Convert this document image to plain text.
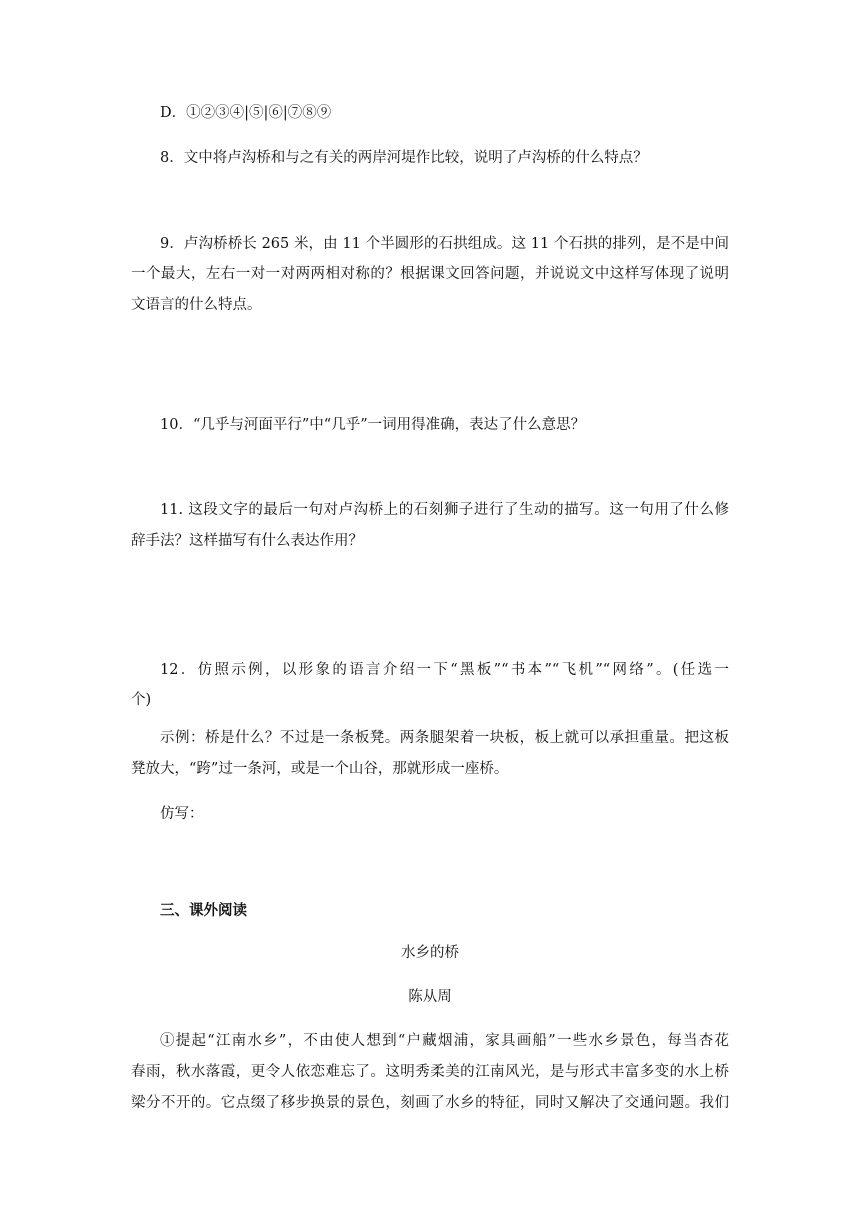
D．①②③④|⑤|⑥|⑦⑧⑨
8．文中将卢沟桥和与之有关的两岸河堤作比较，说明了卢沟桥的什么特点？
9．卢沟桥桥长 265 米，由 11 个半圆形的石拱组成。这 11 个石拱的排列，是不是中间
一个最大，左右一对一对两两相对称的？根据课文回答问题，并说说文中这样写体现了说明
文语言的什么特点。
10．“几乎与河面平行”中“几乎”一词用得准确，表达了什么意思？
11. 这段文字的最后一句对卢沟桥上的石刻狮子进行了生动的描写。这一句用了什么修
辞手法？这样描写有什么表达作用？
12．仿照示例，以形象的语言介绍一下“黑板”“书本”“飞机”“网络”。(任选一
个)
示例：桥是什么？不过是一条板凳。两条腿架着一块板，板上就可以承担重量。把这板
凳放大，“跨”过一条河，或是一个山谷，那就形成一座桥。
仿写：
三、课外阅读
水乡的桥
陈从周
①提起“江南水乡”，不由使人想到“户藏烟浦，家具画船”一些水乡景色，每当杏花
春雨，秋水落霞，更令人依恋难忘了。这明秀柔美的江南风光，是与形式丰富多变的水上桥
梁分不开的。它点缀了移步换景的景色，刻画了水乡的特征，同时又解决了交通问题。我们
